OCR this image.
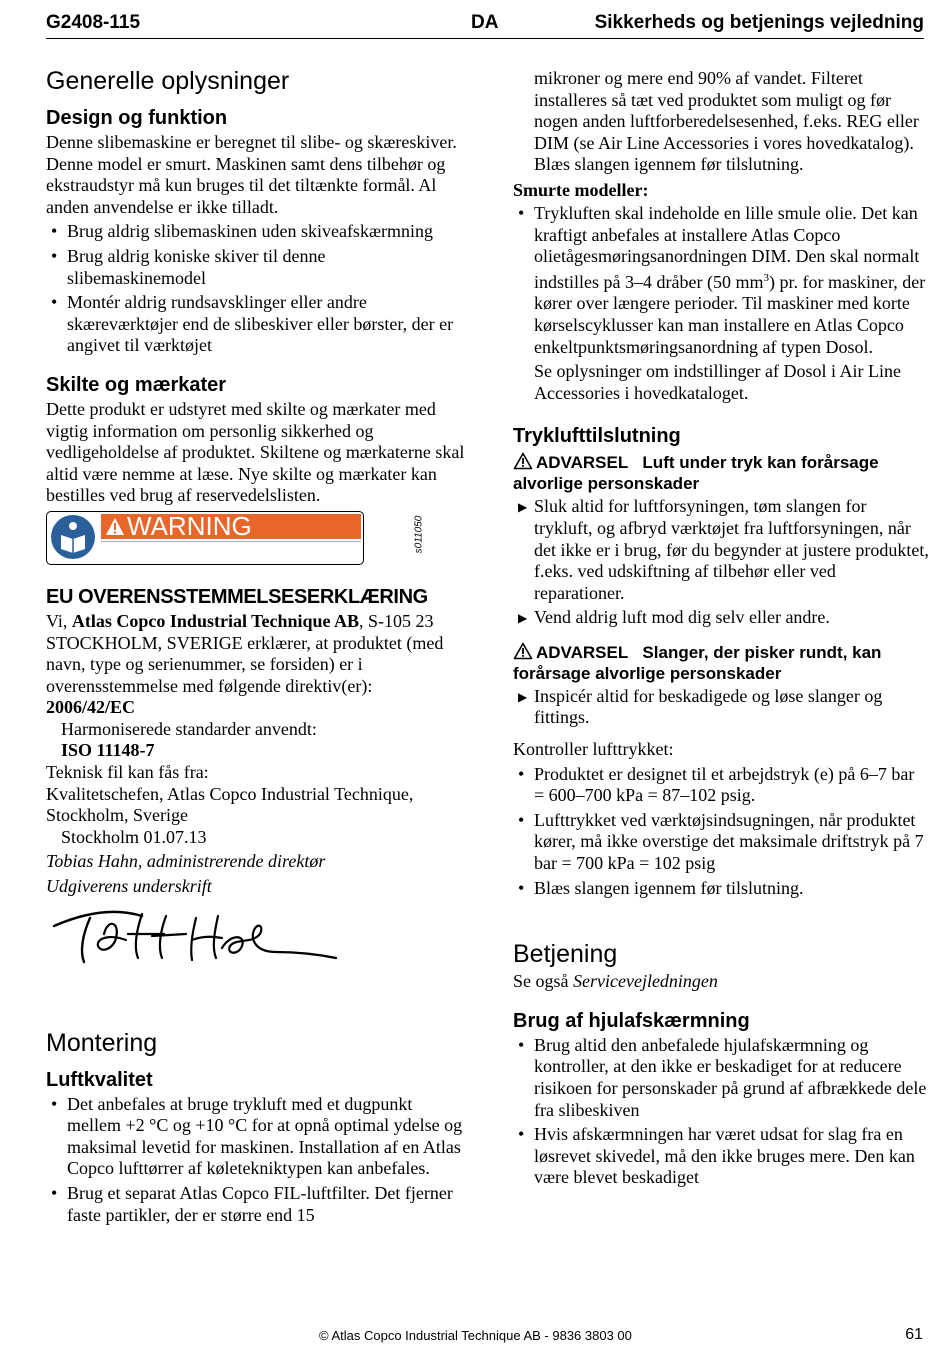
G2408-115	DA	Sikkerheds og betjenings vejledning
Generelle oplysninger
Design og funktion

Denne slibemaskine er beregnet til slibe- og skæreskiver. Denne model er smurt. Maskinen samt dens tilbehør og ekstraudstyr må kun bruges til det tiltænkte formål. Al anden anvendelse er ikke tilladt.

• Brug aldrig slibemaskinen uden skiveafskærmning
• Brug aldrig koniske skiver til denne slibemaskinemodel
• Montér aldrig rundsavsklinger eller andre skæreværktøjer end de slibeskiver eller børster, der er angivet til værktøjet
Skilte og mærkater

Dette produkt er udstyret med skilte og mærkater med vigtig information om personlig sikkerhed og vedligeholdelse af produktet. Skiltene og mærkaterne skal altid være nemme at læse. Nye skilte og mærkater kan bestilles ved brug af reservedelslisten.

WARNING	s011050
EU OVERENSSTEMMELSESERKLÆRING

Vi, Atlas Copco Industrial Technique AB, S-105 23 STOCKHOLM, SVERIGE erklærer, at produktet (med navn, type og serienummer, se forsiden) er i overensstemmelse med følgende direktiv(er):

2006/42/EC

Harmoniserede standarder anvendt:

ISO 11148-7

Teknisk fil kan fås fra:

Kvalitetschefen, Atlas Copco Industrial Technique, Stockholm, Sverige

Stockholm 01.07.13

Tobias Hahn, administrerende direktør

Udgiverens underskrift

Montering
Luftkvalitet
• Det anbefales at bruge trykluft med et dugpunkt mellem +2 °C og +10 °C for at opnå optimal ydelse og maksimal levetid for maskinen. Installation af en Atlas Copco lufttørrer af køletekniktypen kan anbefales.
• Brug et separat Atlas Copco FIL-luftfilter. Det fjerner faste partikler, der er større end 15

mikroner og mere end 90% af vandet. Filteret installeres så tæt ved produktet som muligt og før nogen anden luftforberedelsesenhed, f.eks. REG eller DIM (se Air Line Accessories i vores hovedkatalog). Blæs slangen igennem før tilslutning.

Smurte modeller:

• Trykluften skal indeholde en lille smule olie. Det kan kraftigt anbefales at installere Atlas Copco olietågesmøringsanordningen DIM. Den skal normalt indstilles på 3–4 dråber (50 $mm^3$) pr. for maskiner, der kører over længere perioder. Til maskiner med korte kørselscyklusser kan man installere en Atlas Copco enkeltpunktsmøringsanordning af typen Dosol.

Se oplysninger om indstillinger af Dosol i Air Line Accessories i hovedkataloget.

Tryklufttilslutning
ADVARSEL Luft under tryk kan forårsage alvorlige personskader
▶ Sluk altid for luftforsyningen, tøm slangen for trykluft, og afbryd værktøjet fra luftforsyningen, når det ikke er i brug, før du begynder at justere produktet, f.eks. ved udskiftning af tilbehør eller ved reparationer.
▶ Vend aldrig luft mod dig selv eller andre.
ADVARSEL Slanger, der pisker rundt, kan forårsage alvorlige personskader
▶ Inspicér altid for beskadigede og løse slanger og fittings.

Kontroller lufttrykket:

• Produktet er designet til et arbejdstryk (e) på 6–7 bar = 600–700 kPa = 87–102 psig.
• Lufttrykket ved værktøjsindsugningen, når produktet kører, må ikke overstige det maksimale driftstryk på 7 bar = 700 kPa = 102 psig
• Blæs slangen igennem før tilslutning.
Betjening

Se også Servicevejledningen

Brug af hjulafskærmning
• Brug altid den anbefalede hjulafskærmning og kontroller, at den ikke er beskadiget for at reducere risikoen for personskader på grund af afbrækkede dele fra slibeskiven
• Hvis afskærmningen har været udsat for slag fra en løsrevet skivedel, må den ikke bruges mere. Den kan være blevet beskadiget
© Atlas Copco Industrial Technique AB - 9836 3803 00	61
